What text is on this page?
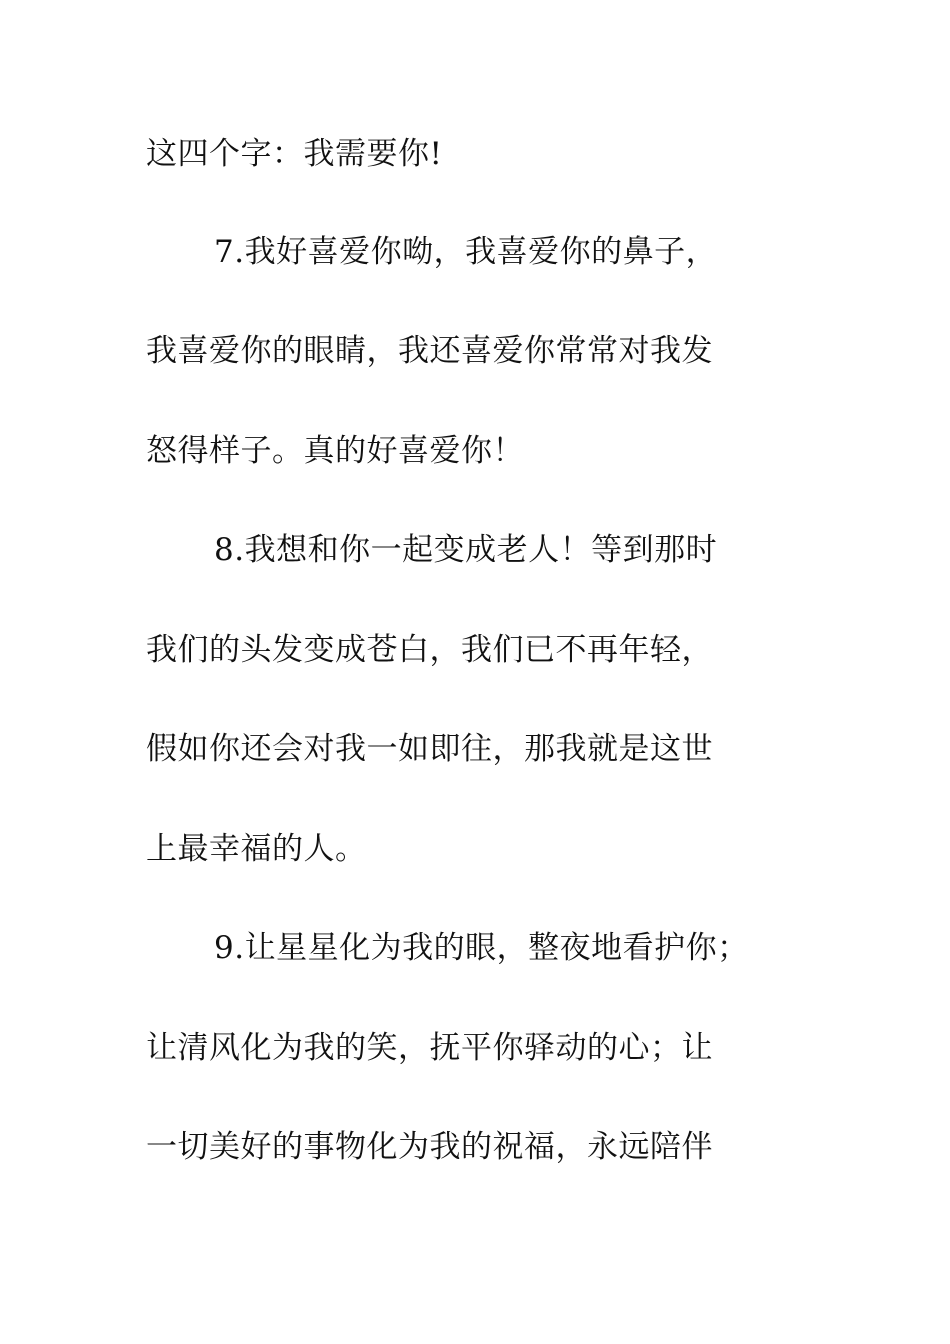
这四个字：我需要你!
7.我好喜爱你呦，我喜爱你的鼻子，
我喜爱你的眼睛，我还喜爱你常常对我发
怒得样子。真的好喜爱你！
8.我想和你一起变成老人！等到那时
我们的头发变成苍白，我们已不再年轻，
假如你还会对我一如即往，那我就是这世
上最幸福的人。
9.让星星化为我的眼，整夜地看护你；
让清风化为我的笑，抚平你驿动的心；让
一切美好的事物化为我的祝福，永远陪伴
